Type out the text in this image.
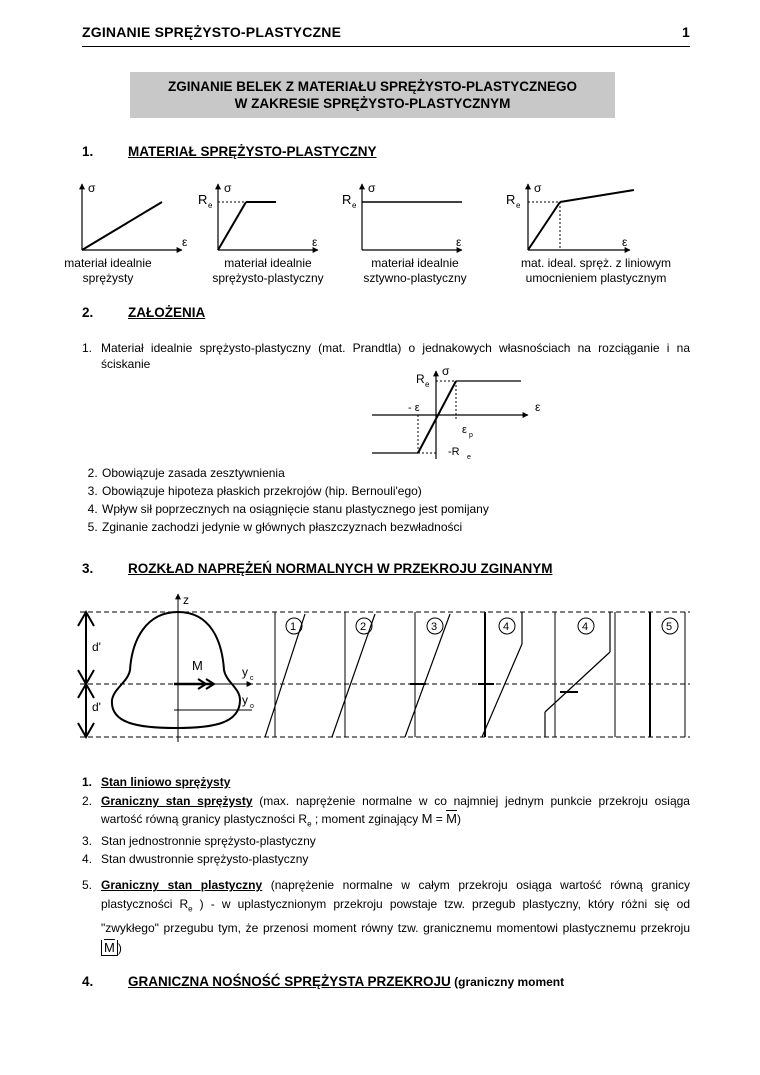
ZGINANIE SPRĘŻYSTO-PLASTYCZNE	1
ZGINANIE BELEK Z MATERIAŁU SPRĘŻYSTO-PLASTYCZNEGO
W ZAKRESIE SPRĘŻYSTO-PLASTYCZNYM
1.	MATERIAŁ SPRĘŻYSTO-PLASTYCZNY
σ
ε
R e
σ
ε
R e
σ
ε
R e
σ
ε
materiał idealnie
sprężysty
materiał idealnie
sprężysto-plastyczny
materiał idealnie
sztywno-plastyczny
mat. ideal. spręż. z liniowym
umocnieniem plastycznym
2.	ZAŁOŻENIA
1. Materiał idealnie sprężysto-plastyczny (mat. Prandtla) o jednakowych własnościach na rozciąganie i na ściskanie
R e
σ
- ε	ε
ε p
-R e
2. Obowiązuje zasada zesztywnienia
3. Obowiązuje hipoteza płaskich przekrojów (hip. Bernouli'ego)
4. Wpływ sił poprzecznych na osiągnięcie stanu plastycznego jest pomijany
5. Zginanie zachodzi jedynie w głównych płaszczyznach bezwładności
3.	ROZKŁAD NAPRĘŻEŃ NORMALNYCH W PRZEKROJU ZGINANYM
d'
d'
z
y c
y o
M
1	2	3	4	4	5
1. Stan liniowo sprężysty
2. Graniczny stan sprężysty (max. naprężenie normalne w co najmniej jednym punkcie przekroju osiąga wartość równą granicy plastyczności $R_e$ ; moment zginający $M = \overline{M}$)
3. Stan jednostronnie sprężysto-plastyczny
4. Stan dwustronnie sprężysto-plastyczny
5. Graniczny stan plastyczny (naprężenie normalne w całym przekroju osiąga wartość równą granicy plastyczności $R_e$ ) - w uplastycznionym przekroju powstaje tzw. przegub plastyczny, który różni się od "zwykłego" przegubu tym, że przenosi moment równy tzw. granicznemu momentowi plastycznemu przekroju $\overline{M}$ )
4.	GRANICZNA NOŚNOŚĆ SPRĘŻYSTA PRZEKROJU (graniczny moment
